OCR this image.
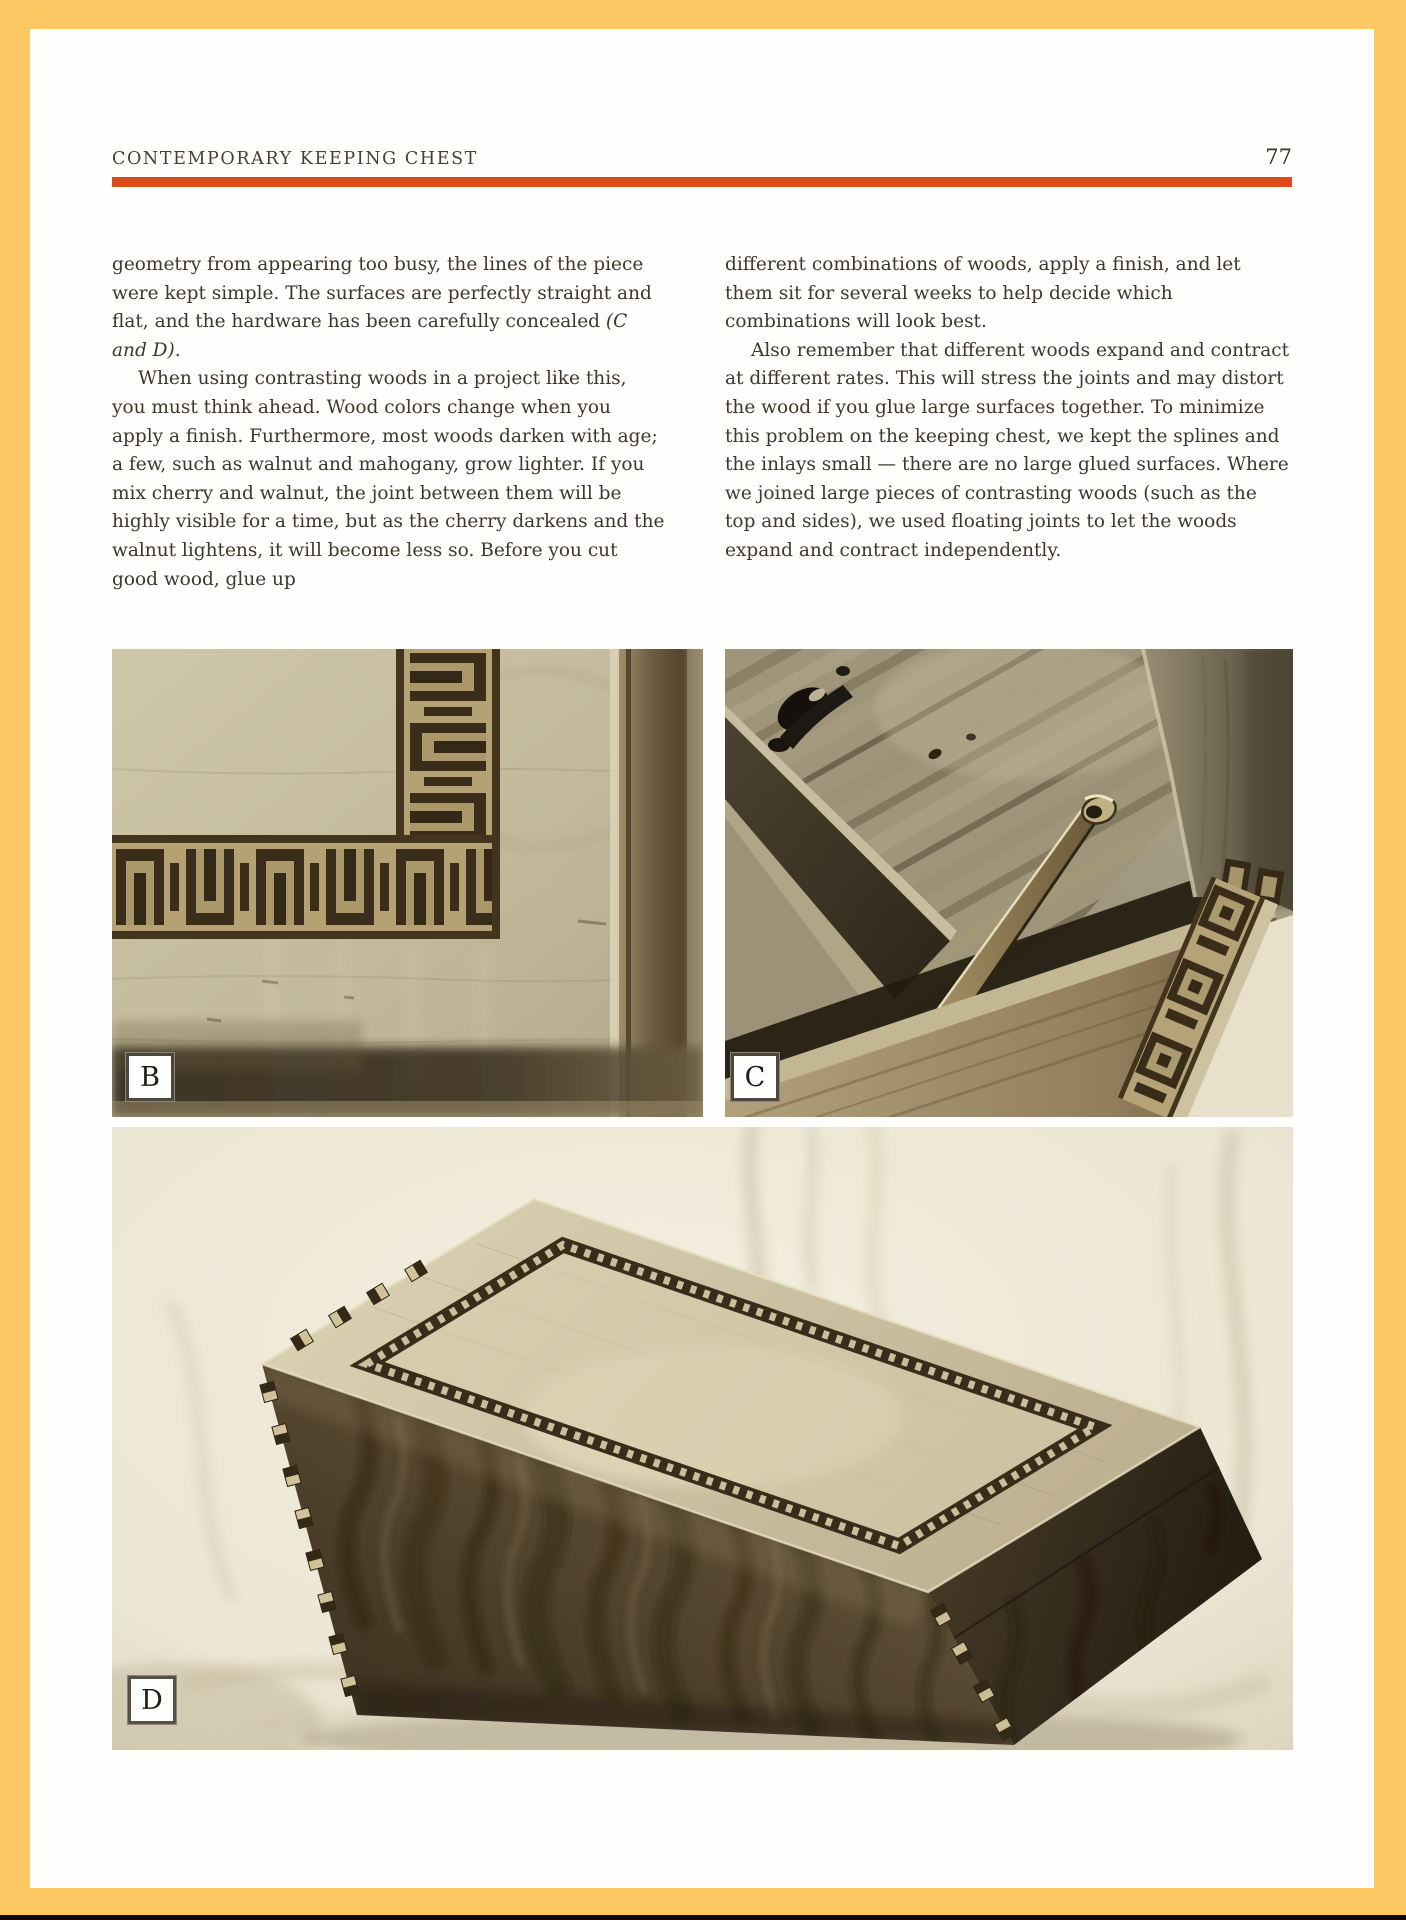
CONTEMPORARY KEEPING CHEST	77

geometry from appearing too busy, the lines of the piece were kept simple. The surfaces are perfectly straight and flat, and the hardware has been carefully concealed (C and D).

When using contrasting woods in a project like this, you must think ahead. Wood colors change when you apply a finish. Furthermore, most woods darken with age; a few, such as walnut and mahogany, grow lighter. If you mix cherry and walnut, the joint between them will be highly visible for a time, but as the cherry darkens and the walnut lightens, it will become less so. Before you cut good wood, glue up

different combinations of woods, apply a finish, and let them sit for several weeks to help decide which combinations will look best.

Also remember that different woods expand and contract at different rates. This will stress the joints and may distort the wood if you glue large surfaces together. To minimize this problem on the keeping chest, we kept the splines and the inlays small — there are no large glued surfaces. Where we joined large pieces of contrasting woods (such as the top and sides), we used floating joints to let the woods expand and contract independently.

B	C
D
